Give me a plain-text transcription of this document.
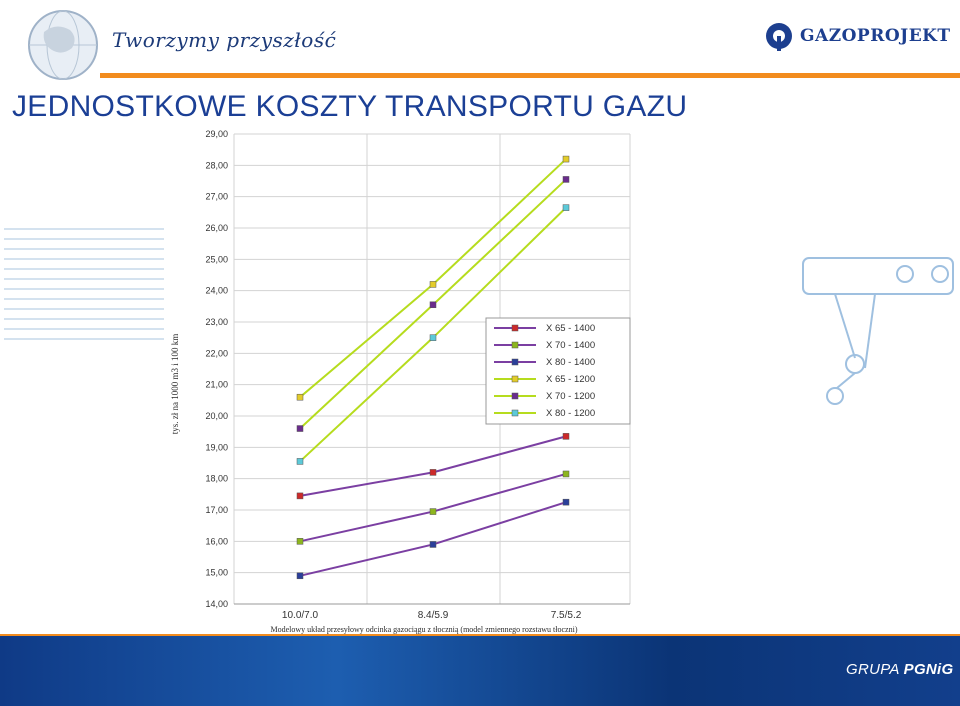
Tworzymy przyszłość	GAZOPROJEKT
JEDNOSTKOWE KOSZTY TRANSPORTU GAZU
14,00
15,00
16,00
17,00
18,00
19,00
20,00
21,00
22,00
23,00
24,00
25,00
26,00
27,00
28,00
29,00
10.0/7.0	8.4/5.9	7.5/5.2
tys. zł na 1000 m3 i 100 km
Modelowy układ przesyłowy odcinka gazociągu z tłocznią (model zmiennego rozstawu tłoczni)
X 65 - 1400
X 70 - 1400
X 80 - 1400
X 65 - 1200
X 70 - 1200
X 80 - 1200
GRUPA PGNiG
